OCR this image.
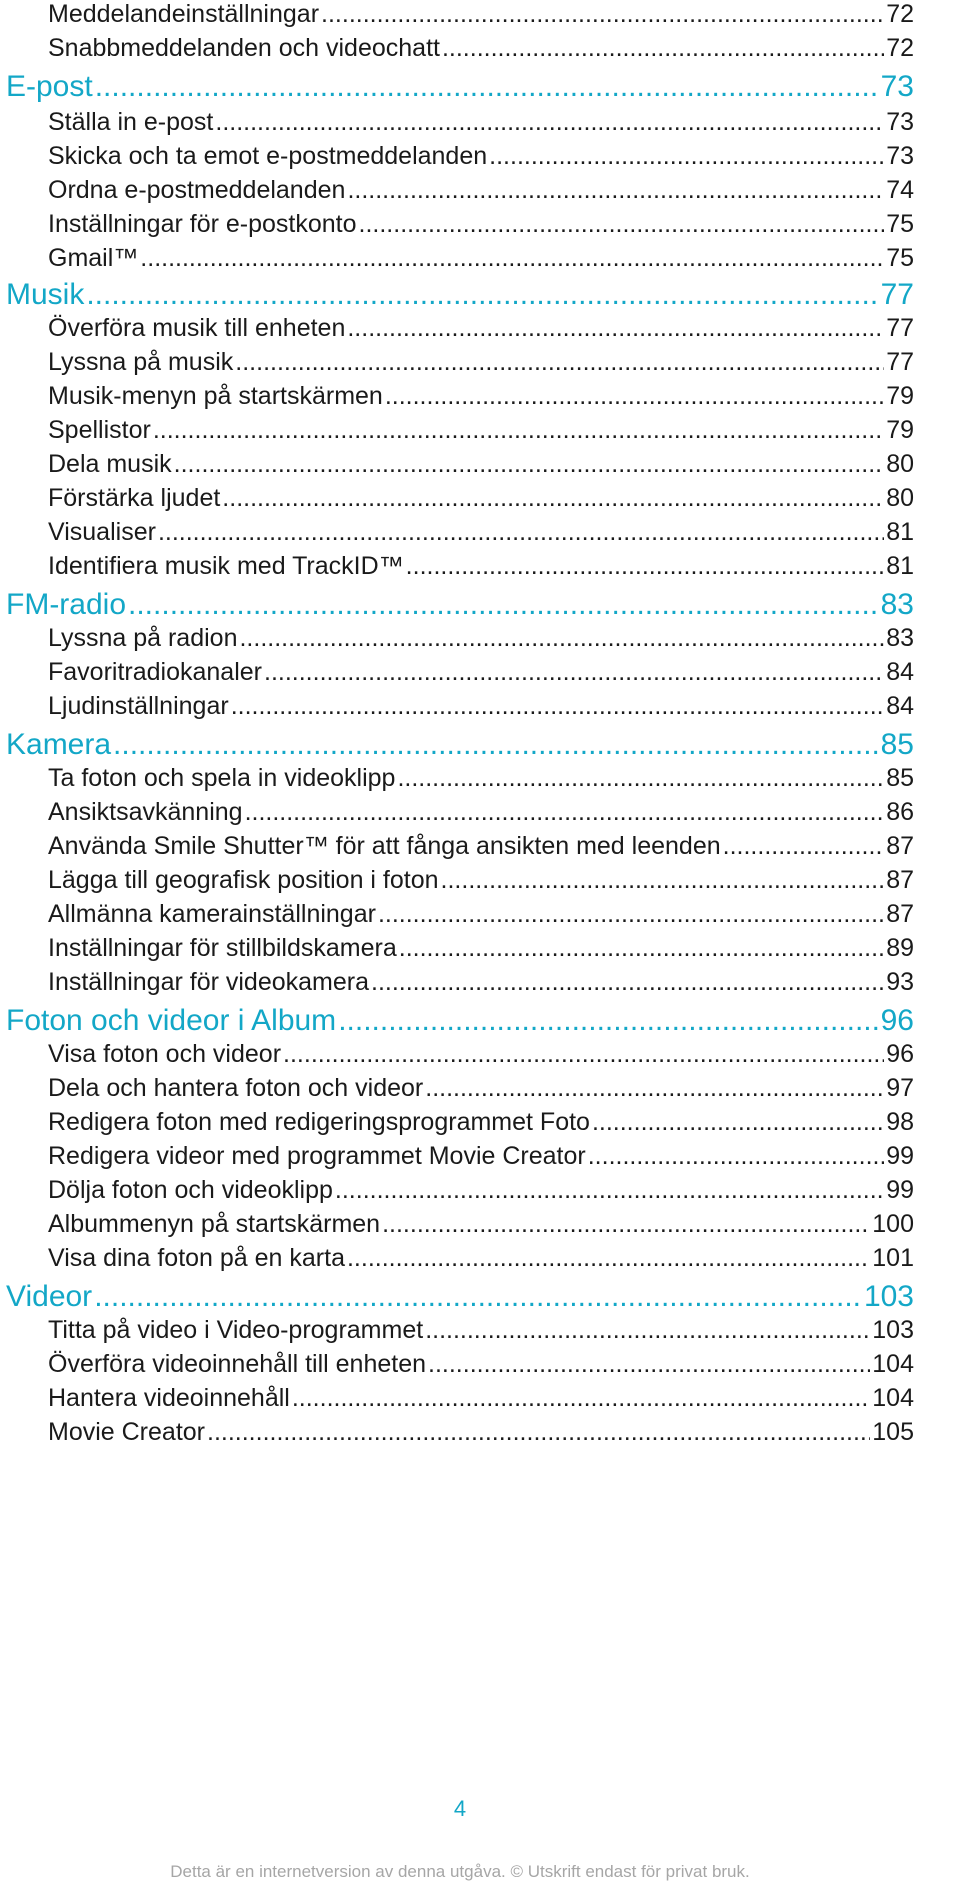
Meddelandeinställningar .....	72
Snabbmeddelanden och videochatt .....	72
E-post .....	73
Ställa in e-post .....	73
Skicka och ta emot e-postmeddelanden .....	73
Ordna e-postmeddelanden .....	74
Inställningar för e-postkonto .....	75
Gmail™ .....	75
Musik .....	77
Överföra musik till enheten .....	77
Lyssna på musik .....	77
Musik-menyn på startskärmen .....	79
Spellistor .....	79
Dela musik .....	80
Förstärka ljudet .....	80
Visualiser .....	81
Identifiera musik med TrackID™ .....	81
FM-radio .....	83
Lyssna på radion .....	83
Favoritradiokanaler .....	84
Ljudinställningar .....	84
Kamera .....	85
Ta foton och spela in videoklipp .....	85
Ansiktsavkänning .....	86
Använda Smile Shutter™ för att fånga ansikten med leenden .....	87
Lägga till geografisk position i foton .....	87
Allmänna kamerainställningar .....	87
Inställningar för stillbildskamera .....	89
Inställningar för videokamera .....	93
Foton och videor i Album .....	96
Visa foton och videor .....	96
Dela och hantera foton och videor .....	97
Redigera foton med redigeringsprogrammet Foto .....	98
Redigera videor med programmet Movie Creator .....	99
Dölja foton och videoklipp .....	99
Albummenyn på startskärmen .....	100
Visa dina foton på en karta .....	101
Videor .....	103
Titta på video i Video-programmet .....	103
Överföra videoinnehåll till enheten .....	104
Hantera videoinnehåll .....	104
Movie Creator .....	105
4
Detta är en internetversion av denna utgåva. © Utskrift endast för privat bruk.
